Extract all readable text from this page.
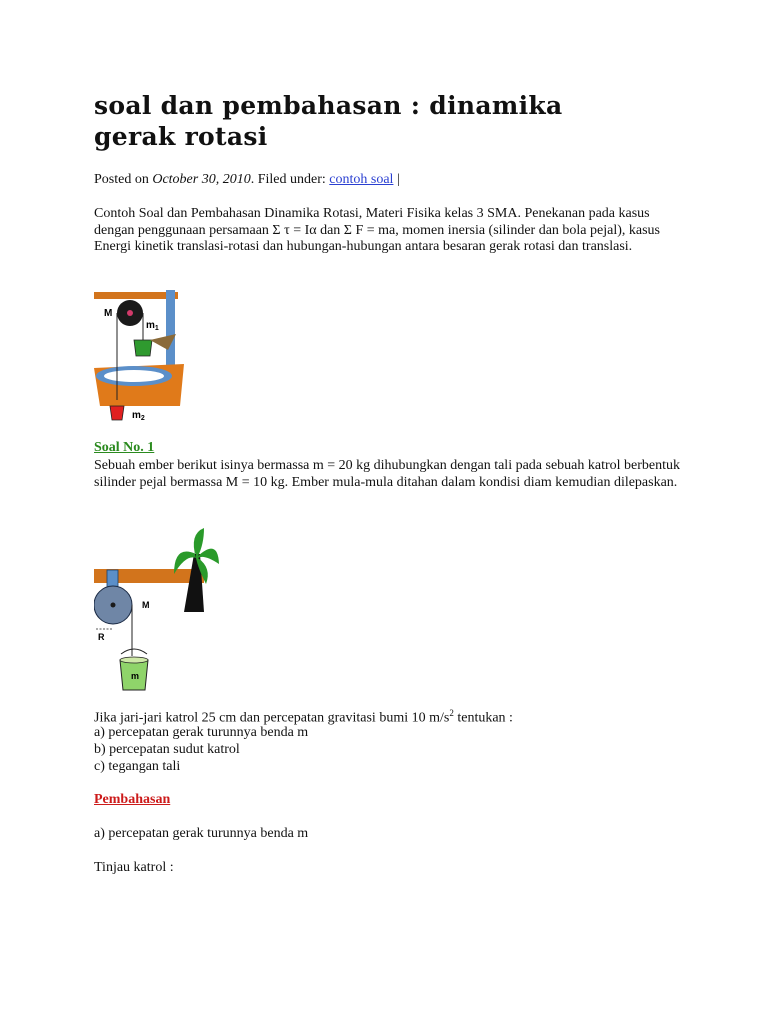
soal dan pembahasan : dinamika gerak rotasi
Posted on October 30, 2010. Filed under: contoh soal |

Contoh Soal dan Pembahasan Dinamika Rotasi, Materi Fisika kelas 3 SMA. Penekanan pada kasus dengan penggunaan persamaan Σ τ = Iα dan Σ F = ma, momen inersia (silinder dan bola pejal), kasus Energi kinetik translasi-rotasi dan hubungan-hubungan antara besaran gerak rotasi dan translasi.

M
$m_1$
$m_2$
Soal No. 1

Sebuah ember berikut isinya bermassa m = 20 kg dihubungkan dengan tali pada sebuah katrol berbentuk silinder pejal bermassa M = 10 kg. Ember mula-mula ditahan dalam kondisi diam kemudian dilepaskan.

M
R
m
Jika jari-jari katrol 25 cm dan percepatan gravitasi bumi 10 $m/s^2$ tentukan :
a) percepatan gerak turunnya benda m
b) percepatan sudut katrol
c) tegangan tali
Pembahasan
a) percepatan gerak turunnya benda m
Tinjau katrol :
